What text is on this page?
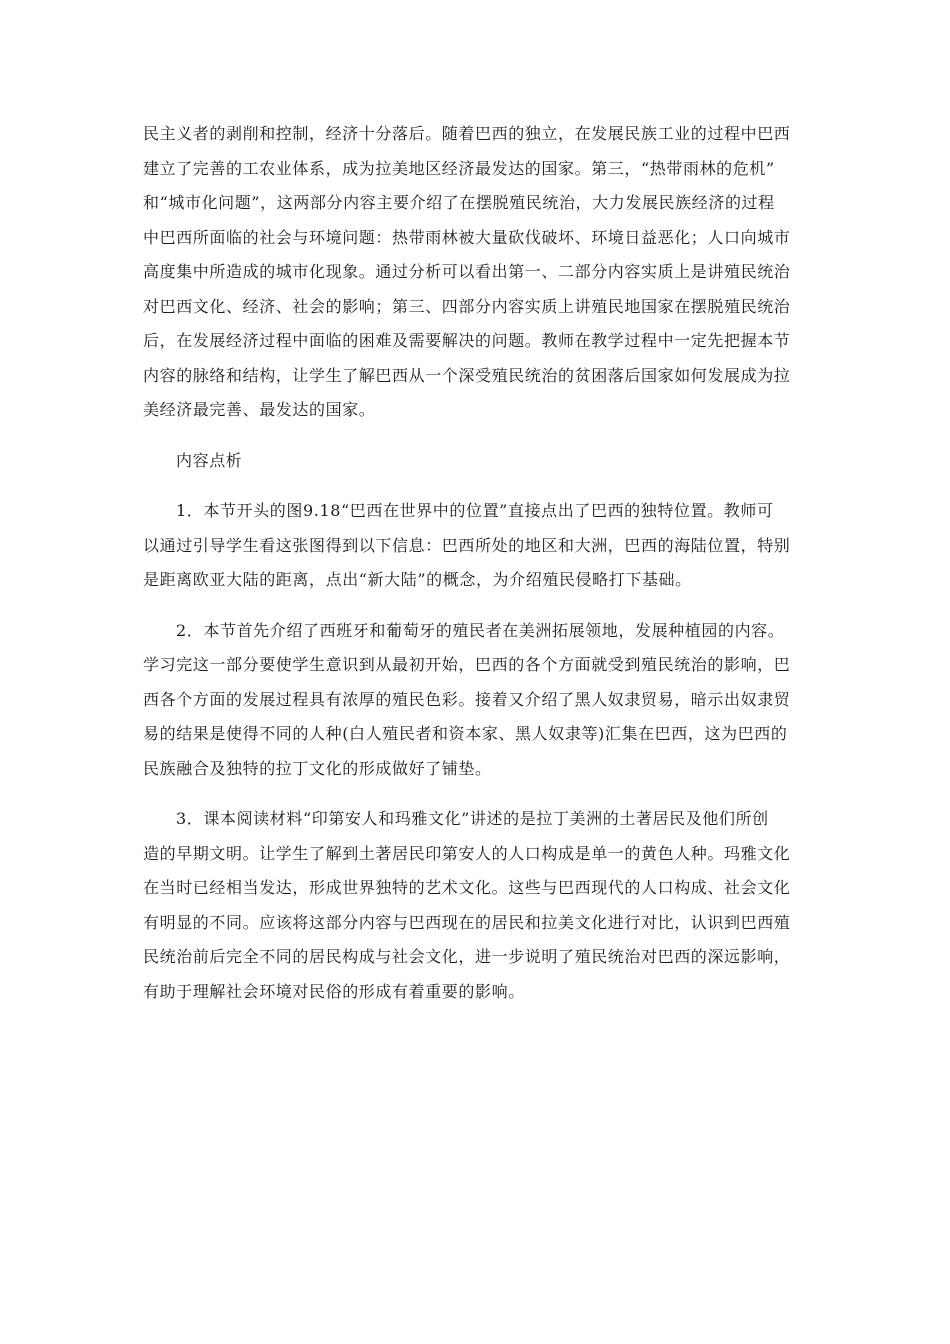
民主义者的剥削和控制，经济十分落后。随着巴西的独立，在发展民族工业的过程中巴西
建立了完善的工农业体系，成为拉美地区经济最发达的国家。第三，“热带雨林的危机”
和“城市化问题”，这两部分内容主要介绍了在摆脱殖民统治，大力发展民族经济的过程
中巴西所面临的社会与环境问题：热带雨林被大量砍伐破坏、环境日益恶化；人口向城市
高度集中所造成的城市化现象。通过分析可以看出第一、二部分内容实质上是讲殖民统治
对巴西文化、经济、社会的影响；第三、四部分内容实质上讲殖民地国家在摆脱殖民统治
后，在发展经济过程中面临的困难及需要解决的问题。教师在教学过程中一定先把握本节
内容的脉络和结构，让学生了解巴西从一个深受殖民统治的贫困落后国家如何发展成为拉
美经济最完善、最发达的国家。
内容点析
1．本节开头的图9.18“巴西在世界中的位置”直接点出了巴西的独特位置。教师可
以通过引导学生看这张图得到以下信息：巴西所处的地区和大洲，巴西的海陆位置，特别
是距离欧亚大陆的距离，点出“新大陆”的概念，为介绍殖民侵略打下基础。
2．本节首先介绍了西班牙和葡萄牙的殖民者在美洲拓展领地，发展种植园的内容。
学习完这一部分要使学生意识到从最初开始，巴西的各个方面就受到殖民统治的影响，巴
西各个方面的发展过程具有浓厚的殖民色彩。接着又介绍了黑人奴隶贸易，暗示出奴隶贸
易的结果是使得不同的人种(白人殖民者和资本家、黑人奴隶等)汇集在巴西，这为巴西的
民族融合及独特的拉丁文化的形成做好了铺垫。
3．课本阅读材料“印第安人和玛雅文化”讲述的是拉丁美洲的土著居民及他们所创
造的早期文明。让学生了解到土著居民印第安人的人口构成是单一的黄色人种。玛雅文化
在当时已经相当发达，形成世界独特的艺术文化。这些与巴西现代的人口构成、社会文化
有明显的不同。应该将这部分内容与巴西现在的居民和拉美文化进行对比，认识到巴西殖
民统治前后完全不同的居民构成与社会文化，进一步说明了殖民统治对巴西的深远影响，
有助于理解社会环境对民俗的形成有着重要的影响。
